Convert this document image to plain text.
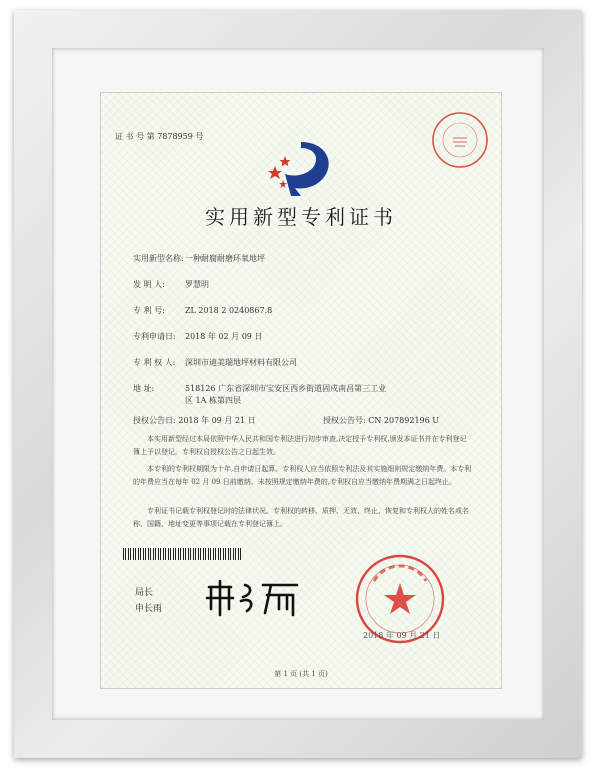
证 书 号 第 7878959 号
实用新型专利证书
实用新型名称:一种耐腐耐磨环氧地坪
发 明 人:	罗慧明
专 利 号:	ZL 2018 2 0240867.8
专利申请日: 2018 年 02 月 09 日
专 利 权 人: 深圳市迪美瑞地坪材料有限公司
地 址:	518126 广东省深圳市宝安区西乡街道固戍南昌第三工业
区 1A 栋第四层
授权公告日: 2018 年 09 月 21 日	授权公告号: CN 207892196 U
本实用新型经过本局依照中华人民共和国专利法进行初步审查,决定授予专利权,颁发本证书并在专利登记簿上予以登记。专利权自授权公告之日起生效。
本专利的专利权期限为十年,自申请日起算。专利权人应当依照专利法及其实施细则规定缴纳年费。本专利的年费应当在每年 02 月 09 日前缴纳。未按照规定缴纳年费的,专利权自应当缴纳年费期满之日起终止。
专利证书记载专利权登记时的法律状况。专利权的转移、质押、无效、终止、恢复和专利权人的姓名或名称、国籍、地址变更等事项记载在专利登记簿上。
局长
申长雨
2018 年 09 月 21 日
第 1 页 (共 1 页)
